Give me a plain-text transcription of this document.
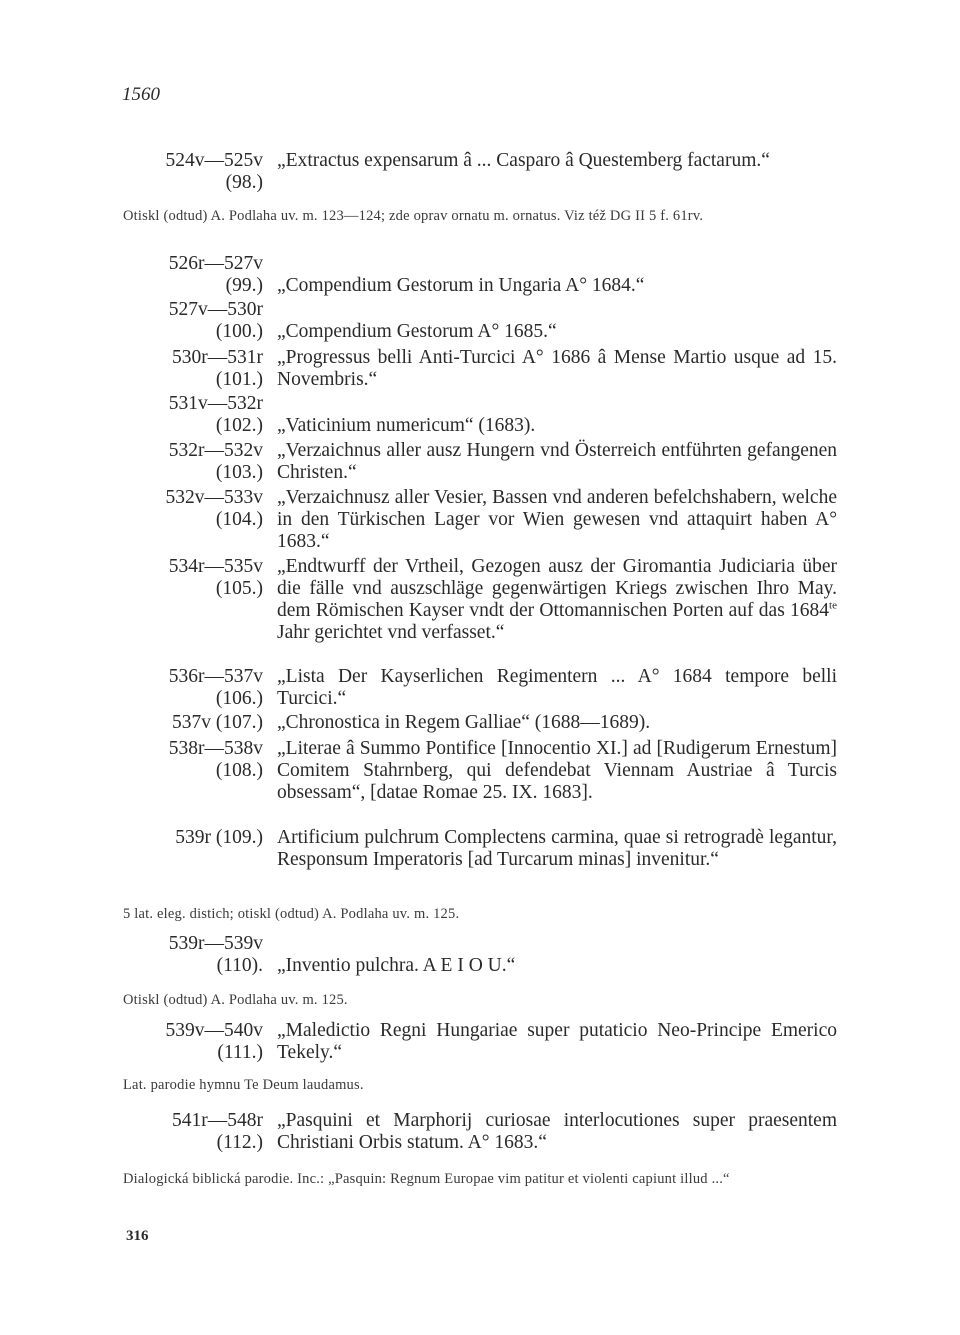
1560
524v—525v
(98.)
„Extractus expensarum â ... Casparo â Questemberg factarum.“
Otiskl (odtud) A. Podlaha uv. m. 123—124; zde oprav ornatu m. ornatus. Viz též DG II 5 f. 61rv.
526r—527v
(99.) „Compendium Gestorum in Ungaria A° 1684.“
527v—530r
(100.) „Compendium Gestorum A° 1685.“
530r—531r
(101.)
„Progressus belli Anti-Turcici A° 1686 â Mense Martio usque ad 15. Novembris.“
531v—532r
(102.) „Vaticinium numericum“ (1683).
532r—532v
(103.)
„Verzaichnus aller ausz Hungern vnd Österreich entführten gefangenen Christen.“
532v—533v
(104.)
„Verzaichnusz aller Vesier, Bassen vnd anderen befelchshabern, welche in den Türkischen Lager vor Wien gewesen vnd attaquirt haben A° 1683.“
534r—535v
(105.)
„Endtwurff der Vrtheil, Gezogen ausz der Giromantia Judiciaria über die fälle vnd auszschläge gegenwärtigen Kriegs zwischen Ihro May. dem Römischen Kayser vndt der Ottomannischen Porten auf das $1684^{te}$ Jahr gerichtet vnd verfasset.“
536r—537v
(106.)
„Lista Der Kayserlichen Regimentern ... A° 1684 tempore belli Turcici.“
537v (107.) „Chronostica in Regem Galliae“ (1688—1689).
538r—538v
(108.)
„Literae â Summo Pontifice [Innocentio XI.] ad [Rudigerum Ernestum] Comitem Stahrnberg, qui defendebat Viennam Austriae â Turcis obsessam“, [datae Romae 25. IX. 1683].
539r (109.) Artificium pulchrum Complectens carmina, quae si retrogradè legantur, Responsum Imperatoris [ad Turcarum minas] invenitur.“
5 lat. eleg. distich; otiskl (odtud) A. Podlaha uv. m. 125.
539r—539v
(110). „Inventio pulchra. A E I O U.“
Otiskl (odtud) A. Podlaha uv. m. 125.
539v—540v
(111.)
„Maledictio Regni Hungariae super putaticio Neo-Principe Emerico Tekely.“
Lat. parodie hymnu Te Deum laudamus.
541r—548r
(112.)
„Pasquini et Marphorij curiosae interlocutiones super praesentem Christiani Orbis statum. A° 1683.“
Dialogická biblická parodie. Inc.: „Pasquin: Regnum Europae vim patitur et violenti capiunt illud ...“
316
